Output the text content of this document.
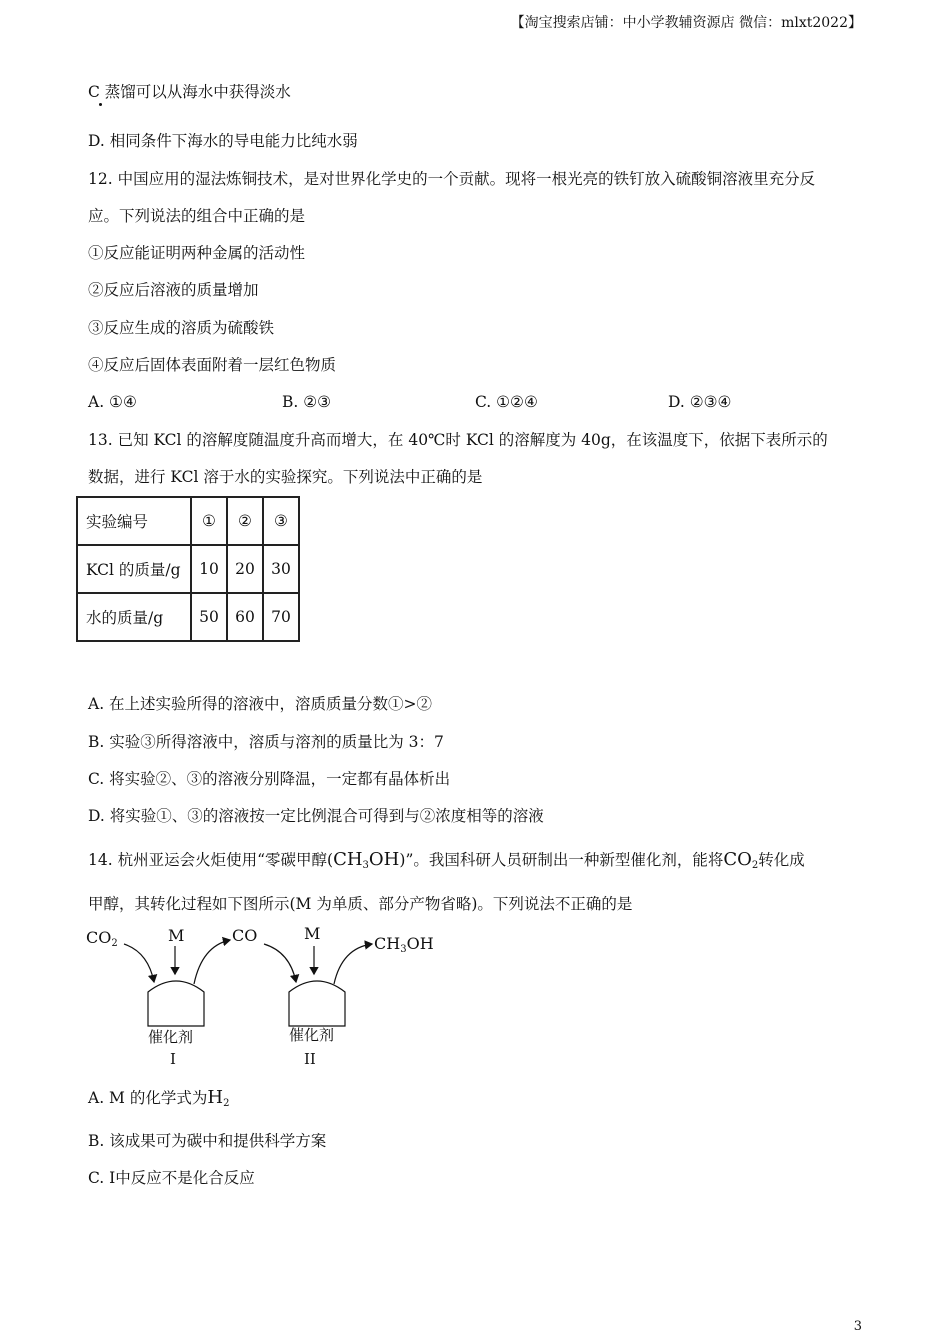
【淘宝搜索店铺：中小学教辅资源店 微信：mlxt2022】
C 蒸馏可以从海水中获得淡水
D. 相同条件下海水的导电能力比纯水弱
12. 中国应用的湿法炼铜技术，是对世界化学史的一个贡献。现将一根光亮的铁钉放入硫酸铜溶液里充分反
应。下列说法的组合中正确的是
①反应能证明两种金属的活动性
②反应后溶液的质量增加
③反应生成的溶质为硫酸铁
④反应后固体表面附着一层红色物质
A. ①④	B. ②③	C. ①②④	D. ②③④
13. 已知 KCl 的溶解度随温度升高而增大，在 40℃时 KCl 的溶解度为 40g，在该温度下，依据下表所示的
数据，进行 KCl 溶于水的实验探究。下列说法中正确的是
实验编号	①	②	③
KCl 的质量/g	10	20	30
水的质量/g	50	60	70
A. 在上述实验所得的溶液中，溶质质量分数①>②
B. 实验③所得溶液中，溶质与溶剂的质量比为 3：7
C. 将实验②、③的溶液分别降温，一定都有晶体析出
D. 将实验①、③的溶液按一定比例混合可得到与②浓度相等的溶液
14. 杭州亚运会火炬使用“零碳甲醇$(CH_3OH)$”。我国科研人员研制出一种新型催化剂，能将$CO_2$转化成
甲醇，其转化过程如下图所示(M 为单质、部分产物省略)。下列说法不正确的是
$CO_2$	M	CO	M
$CH_3OH$
催化剂
I
催化剂
II
A. M 的化学式为$H_2$
B. 该成果可为碳中和提供科学方案
C. I中反应不是化合反应
3
